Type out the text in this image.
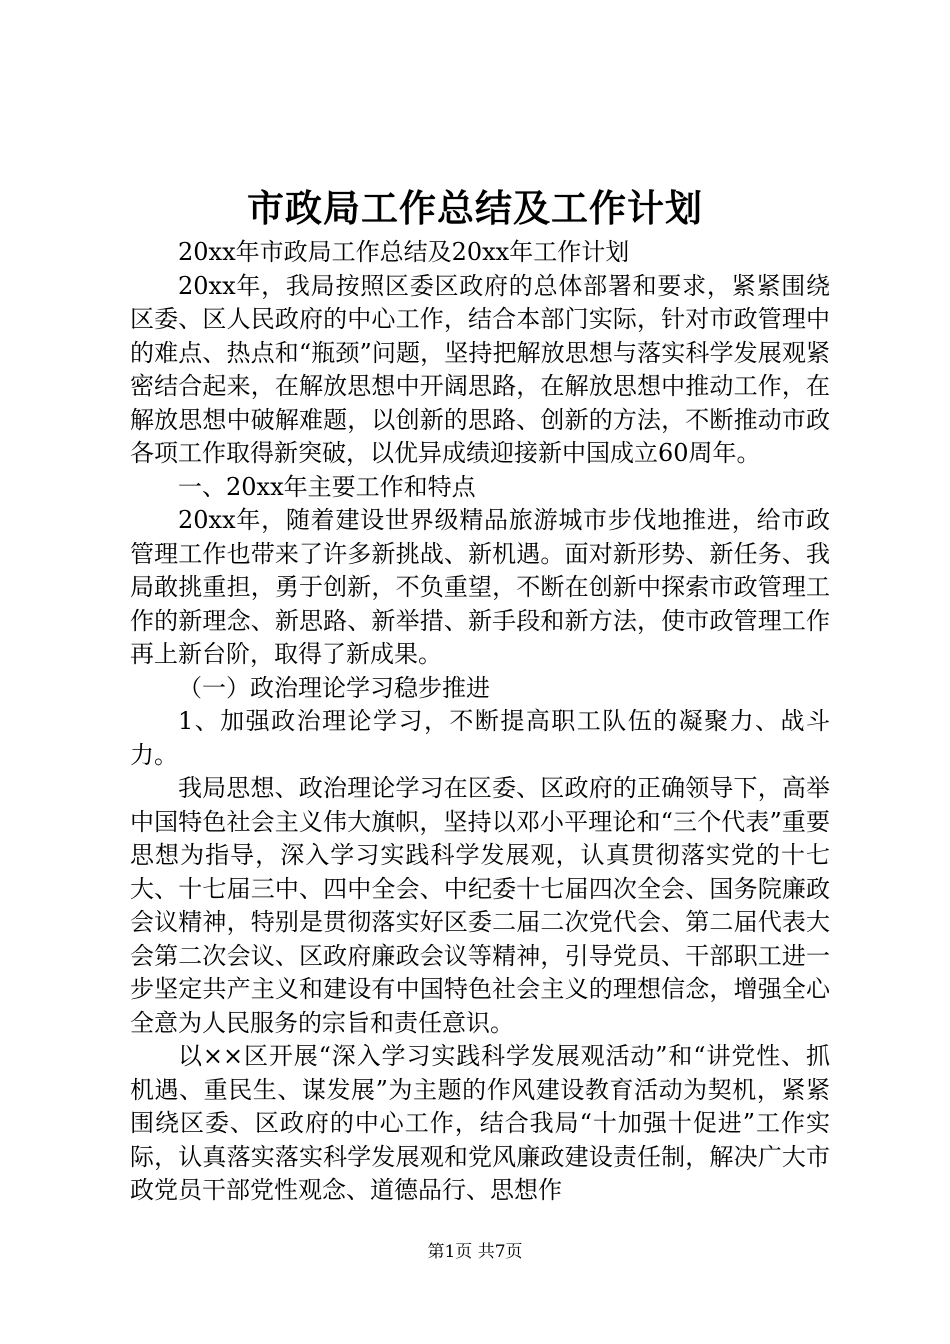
市政局工作总结及工作计划

20xx年市政局工作总结及20xx年工作计划

20xx年，我局按照区委区政府的总体部署和要求，紧紧围绕区委、区人民政府的中心工作，结合本部门实际，针对市政管理中的难点、热点和“瓶颈”问题，坚持把解放思想与落实科学发展观紧密结合起来，在解放思想中开阔思路，在解放思想中推动工作，在解放思想中破解难题，以创新的思路、创新的方法，不断推动市政各项工作取得新突破，以优异成绩迎接新中国成立60周年。

一、20xx年主要工作和特点

20xx年，随着建设世界级精品旅游城市步伐地推进，给市政管理工作也带来了许多新挑战、新机遇。面对新形势、新任务、我局敢挑重担，勇于创新，不负重望，不断在创新中探索市政管理工作的新理念、新思路、新举措、新手段和新方法，使市政管理工作再上新台阶，取得了新成果。

（一）政治理论学习稳步推进

1、加强政治理论学习，不断提高职工队伍的凝聚力、战斗力。

我局思想、政治理论学习在区委、区政府的正确领导下，高举中国特色社会主义伟大旗帜，坚持以邓小平理论和“三个代表”重要思想为指导，深入学习实践科学发展观，认真贯彻落实党的十七大、十七届三中、四中全会、中纪委十七届四次全会、国务院廉政会议精神，特别是贯彻落实好区委二届二次党代会、第二届代表大会第二次会议、区政府廉政会议等精神，引导党员、干部职工进一步坚定共产主义和建设有中国特色社会主义的理想信念，增强全心全意为人民服务的宗旨和责任意识。

以××区开展“深入学习实践科学发展观活动”和“讲党性、抓机遇、重民生、谋发展”为主题的作风建设教育活动为契机，紧紧围绕区委、区政府的中心工作，结合我局“十加强十促进”工作实际，认真落实落实科学发展观和党风廉政建设责任制，解决广大市政党员干部党性观念、道德品行、思想作

第1页 共7页
